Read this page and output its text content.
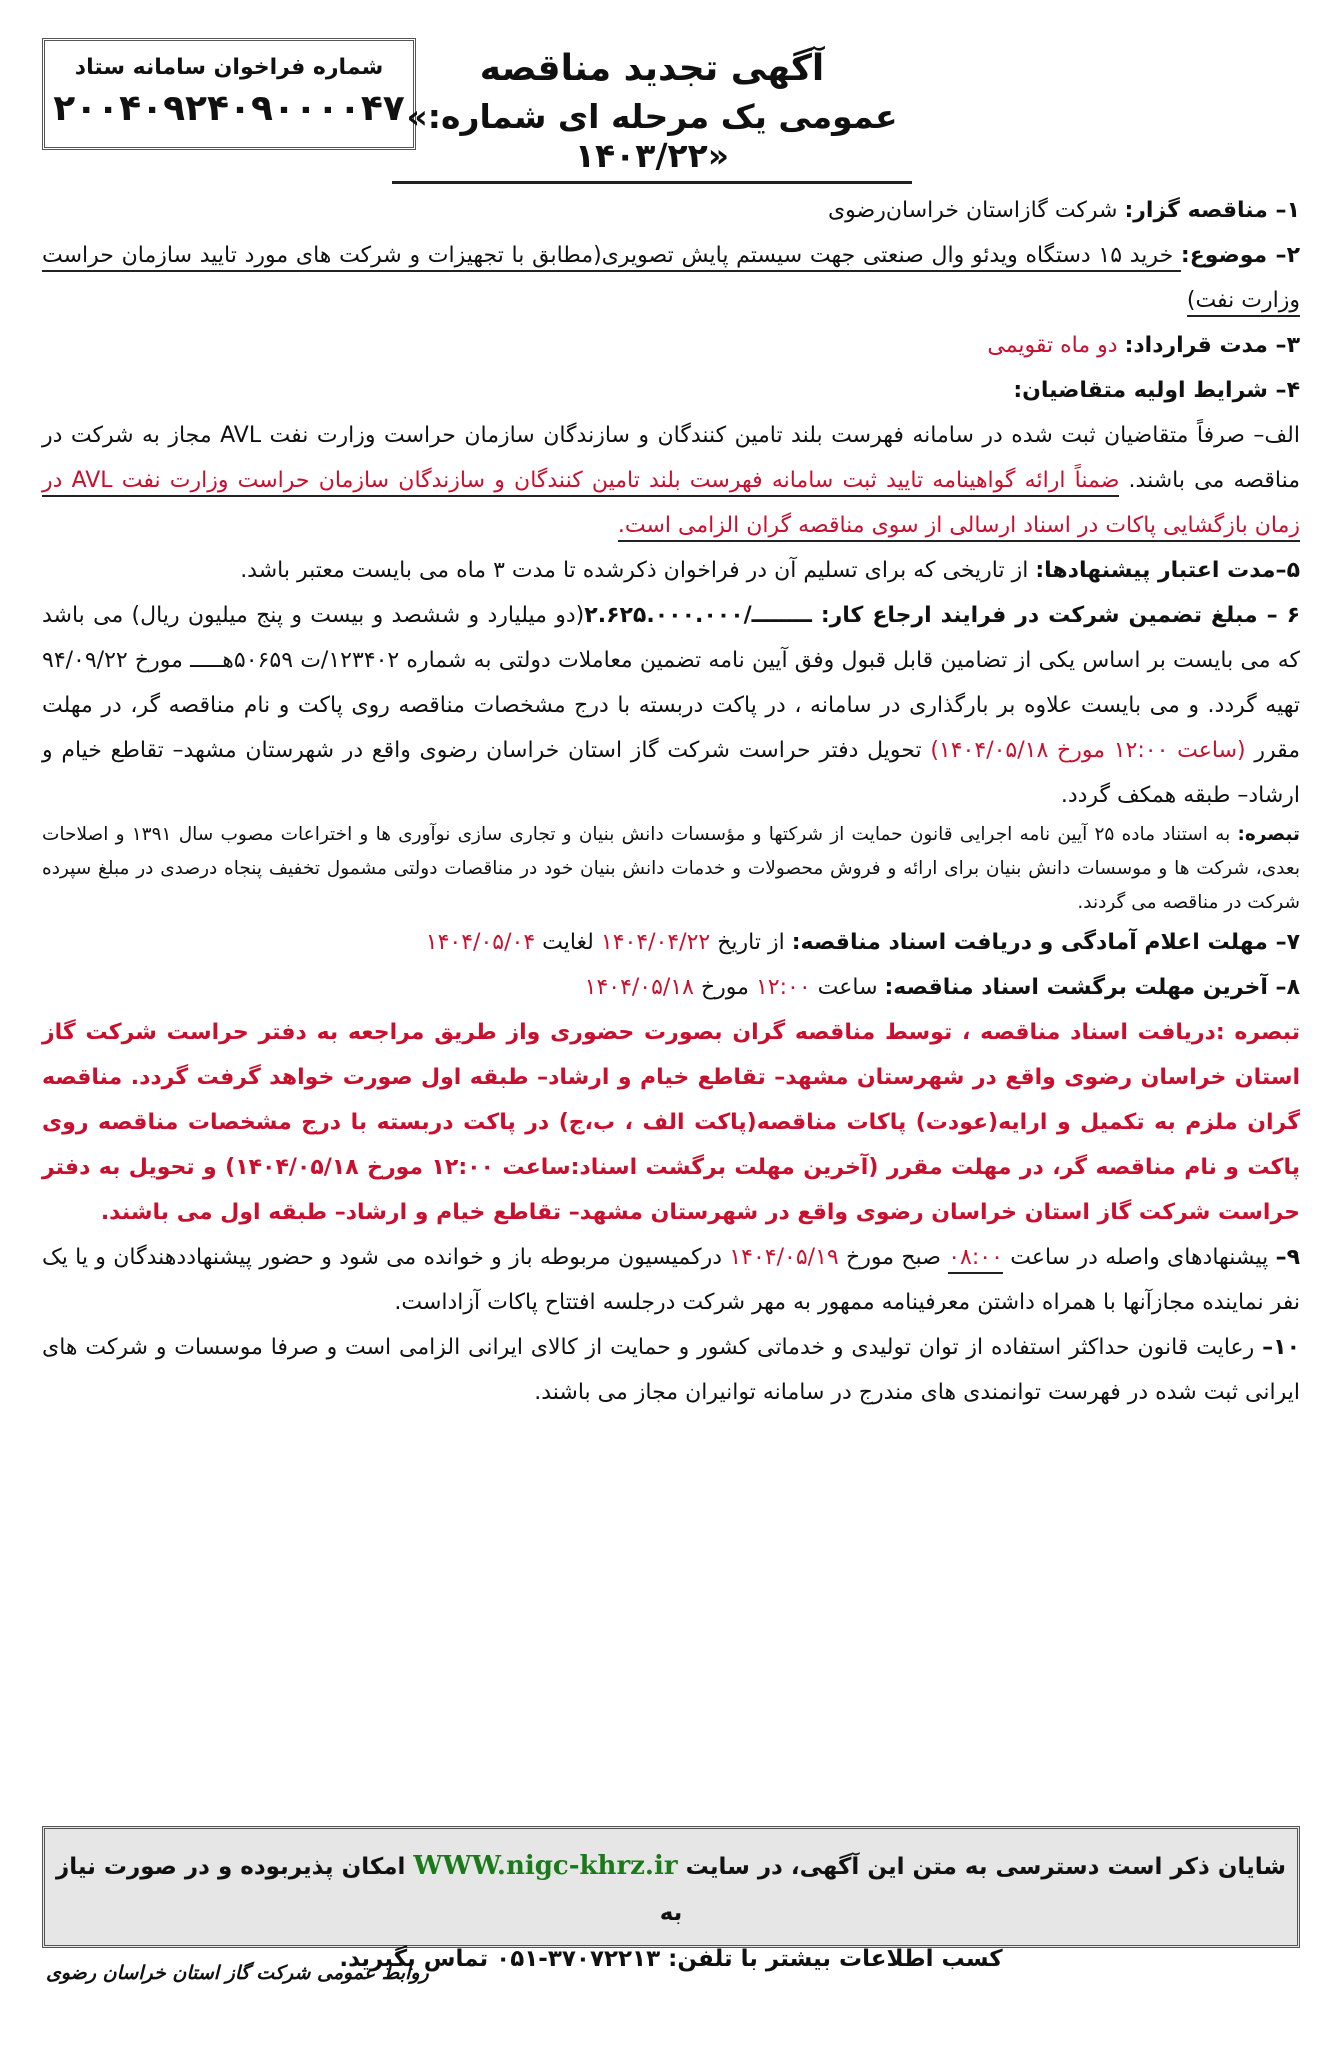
شماره فراخوان سامانه ستاد
۲۰۰۴۰۹۲۴۰۹۰۰۰۰۴۷
آگهی تجدید مناقصه
«عمومی یک مرحله ای شماره: ۱۴۰۳/۲۲»

۱– مناقصه گزار: شرکت گازاستان خراسان‌رضوی

۲– موضوع: خرید ۱۵ دستگاه ویدئو وال صنعتی جهت سیستم پایش تصویری(مطابق با تجهیزات و شرکت های مورد تایید سازمان حراست وزارت نفت)

۳– مدت قرارداد: دو ماه تقویمی

۴– شرایط اولیه متقاضیان:

الف– صرفاً متقاضیان ثبت شده در سامانه فهرست بلند تامین کنندگان و سازندگان سازمان حراست وزارت نفت AVL مجاز به شرکت در مناقصه می باشند. ضمناً ارائه گواهینامه تایید ثبت سامانه فهرست بلند تامین کنندگان و سازندگان سازمان حراست وزارت نفت AVL در زمان بازگشایی پاکات در اسناد ارسالی از سوی مناقصه گران الزامی است.

۵–مدت اعتبار پیشنهادها: از تاریخی که برای تسلیم آن در فراخوان ذکرشده تا مدت ۳ ماه می بایست معتبر باشد.

۶ – مبلغ تضمین شرکت در فرایند ارجاع کار: ــــــــ/۲.۶۲۵.۰۰۰.۰۰۰(دو میلیارد و ششصد و بیست و پنج میلیون ریال) می باشد که می بایست بر اساس یکی از تضامین قابل قبول وفق آیین نامه تضمین معاملات دولتی به شماره ۱۲۳۴۰۲/ت ۵۰۶۵۹هـــــ مورخ ۹۴/۰۹/۲۲ تهیه گردد. و می بایست علاوه بر بارگذاری در سامانه ، در پاکت دربسته با درج مشخصات مناقصه روی پاکت و نام مناقصه گر، در مهلت مقرر (ساعت ۱۲:۰۰ مورخ ۱۴۰۴/۰۵/۱۸) تحویل دفتر حراست شرکت گاز استان خراسان رضوی واقع در شهرستان مشهد– تقاطع خیام و ارشاد– طبقه همکف گردد.

تبصره: به استناد ماده ۲۵ آیین نامه اجرایی قانون حمایت از شرکتها و مؤسسات دانش بنیان و تجاری سازی نوآوری ها و اختراعات مصوب سال ۱۳۹۱ و اصلاحات بعدی، شرکت ها و موسسات دانش بنیان برای ارائه و فروش محصولات و خدمات دانش بنیان خود در مناقصات دولتی مشمول تخفیف پنجاه درصدی در مبلغ سپرده شرکت در مناقصه می گردند.

۷– مهلت اعلام آمادگی و دریافت اسناد مناقصه: از تاریخ ۱۴۰۴/۰۴/۲۲ لغایت ۱۴۰۴/۰۵/۰۴

۸– آخرین مهلت برگشت اسناد مناقصه: ساعت ۱۲:۰۰ مورخ ۱۴۰۴/۰۵/۱۸

تبصره :دریافت اسناد مناقصه ، توسط مناقصه گران بصورت حضوری واز طریق مراجعه به دفتر حراست شرکت گاز استان خراسان رضوی واقع در شهرستان مشهد– تقاطع خیام و ارشاد– طبقه اول صورت خواهد گرفت گردد. مناقصه گران ملزم به تکمیل و ارایه(عودت) پاکات مناقصه(پاکت الف ، ب،ج) در پاکت دربسته با درج مشخصات مناقصه روی پاکت و نام مناقصه گر، در مهلت مقرر (آخرین مهلت برگشت اسناد:ساعت ۱۲:۰۰ مورخ ۱۴۰۴/۰۵/۱۸) و تحویل به دفتر حراست شرکت گاز استان خراسان رضوی واقع در شهرستان مشهد– تقاطع خیام و ارشاد– طبقه اول می باشند.

۹– پیشنهادهای واصله در ساعت ۰۸:۰۰ صبح مورخ ۱۴۰۴/۰۵/۱۹ درکمیسیون مربوطه باز و خوانده می شود و حضور پیشنهاددهندگان و یا یک نفر نماینده مجازآنها با همراه داشتن معرفینامه ممهور به مهر شرکت درجلسه افتتاح پاکات آزاداست.

۱۰– رعایت قانون حداکثر استفاده از توان تولیدی و خدماتی کشور و حمایت از کالای ایرانی الزامی است و صرفا موسسات و شرکت های ایرانی ثبت شده در فهرست توانمندی های مندرج در سامانه توانیران مجاز می باشند.

شایان ذکر است دسترسی به متن این آگهی، در سایت WWW.nigc-khrz.ir امکان پذیربوده و در صورت نیاز به
کسب اطلاعات بیشتر با تلفن: ۳۷۰۷۲۲۱۳-۰۵۱ تماس بگیرید.
روابط عمومی شرکت گاز استان خراسان رضوی
